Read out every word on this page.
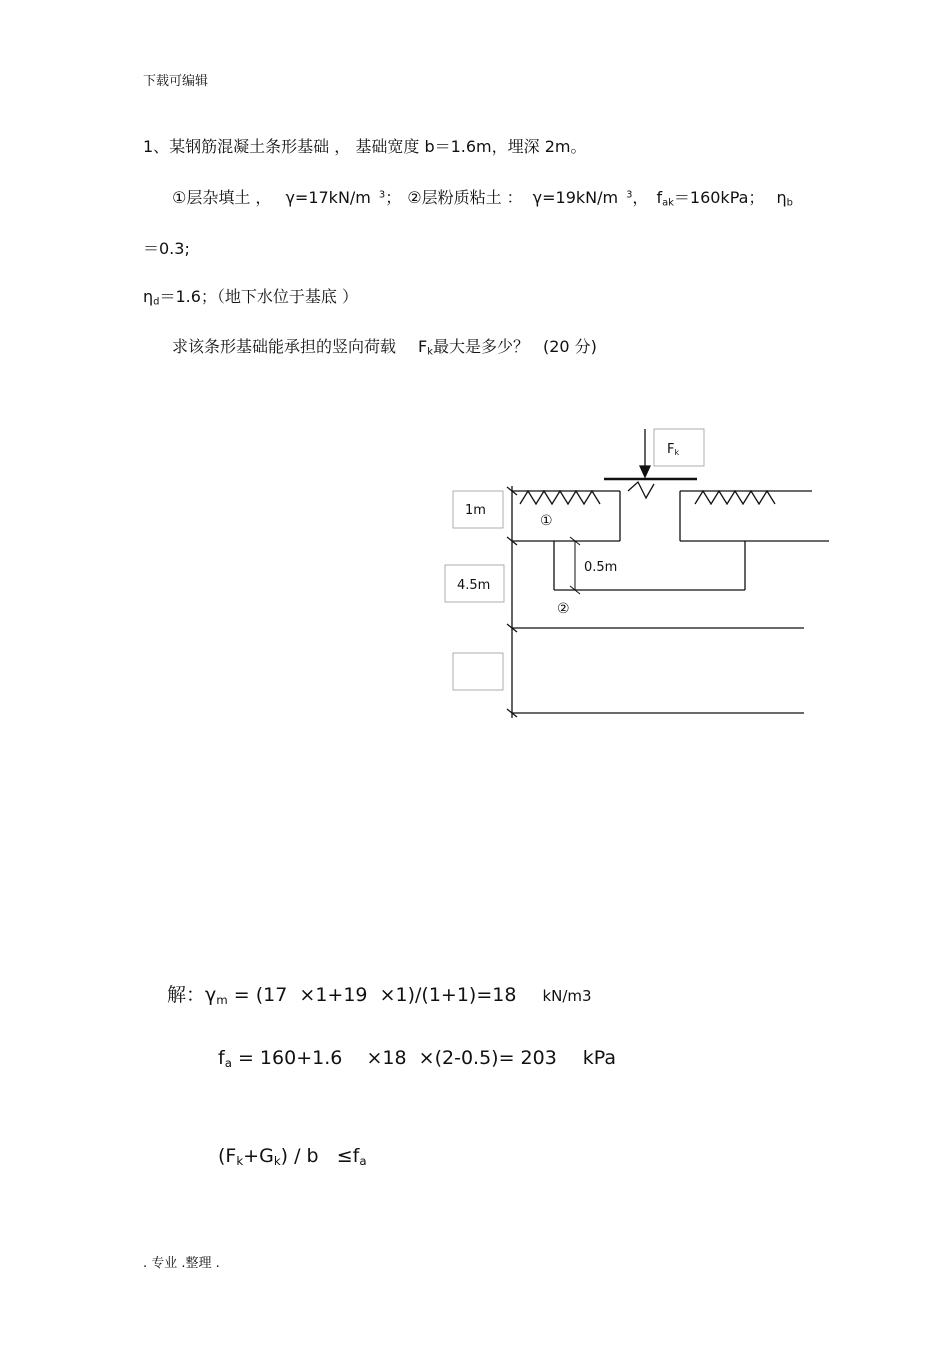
下载可编辑
1、某钢筋混凝土条形基础 ， 基础宽度 b＝1.6m，埋深 2m。
①层杂填土 ， γ=17kN/m $^3$； ②层粉质粘土 ： γ=19kN/m $^3$， $f_{ak}=160kPa$； $\eta_b$
＝0.3;
$\eta_d=1.6$；（地下水位于基底 ）
求该条形基础能承担的竖向荷载 $F_k$最大是多少？ (20 分)
Fk
1m
4.5m
0.5m
①
②
解：$\gamma_m = (17 \times 1+19 \times 1)/(1+1)=18$ kN/m3
$f_a = 160+1.6$    ×18  ×(2-0.5)= 203 kPa
$(F_k+G_k) / b \le f_a$
. 专业 .整理 .
